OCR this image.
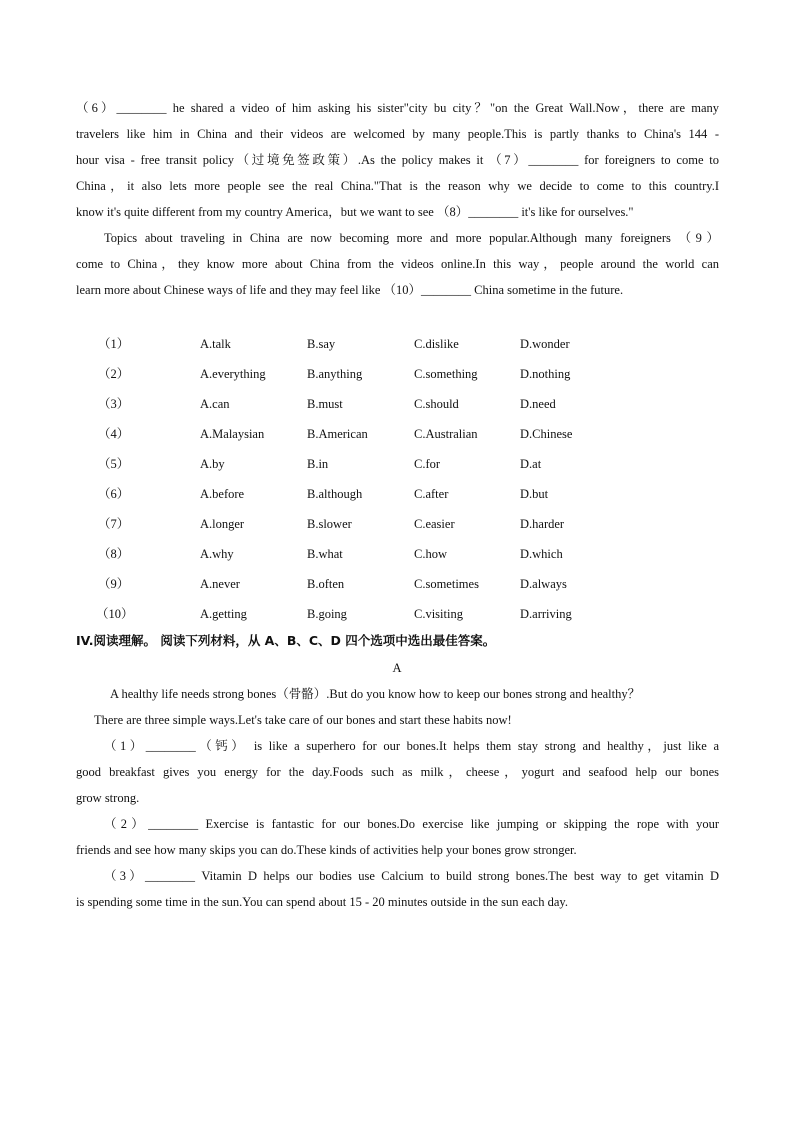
（6）________ he shared a video of him asking his sister"city bu city？"on the Great Wall.Now，there are many
travelers like him in China and their videos are welcomed by many people.This is partly thanks to China's 144 -
hour visa - free transit policy（过境免签政策）.As the policy makes it （7）________ for foreigners to come to
China，it also lets more people see the real China."That is the reason why we decide to come to this country.I
know it's quite different from my country America，but we want to see （8）________ it's like for ourselves."
Topics about traveling in China are now becoming more and more popular.Although many foreigners （9）
come to China，they know more about China from the videos online.In this way，people around the world can
learn more about Chinese ways of life and they may feel like （10）________ China sometime in the future.
（1）	A.talk	B.say	C.dislike	D.wonder
（2）	A.everything	B.anything	C.something	D.nothing
（3）	A.can	B.must	C.should	D.need
（4）	A.Malaysian	B.American	C.Australian	D.Chinese
（5）	A.by	B.in	C.for	D.at
（6）	A.before	B.although	C.after	D.but
（7）	A.longer	B.slower	C.easier	D.harder
（8）	A.why	B.what	C.how	D.which
（9）	A.never	B.often	C.sometimes	D.always
（10）	A.getting	B.going	C.visiting	D.arriving
IV.阅读理解。 阅读下列材料，从 A、B、C、D 四个选项中选出最佳答案。
A
A healthy life needs strong bones（骨骼）.But do you know how to keep our bones strong and healthy？
There are three simple ways.Let's take care of our bones and start these habits now!
（1）________（钙） is like a superhero for our bones.It helps them stay strong and healthy，just like a
good breakfast gives you energy for the day.Foods such as milk，cheese，yogurt and seafood help our bones
grow strong.
（2）________ Exercise is fantastic for our bones.Do exercise like jumping or skipping the rope with your
friends and see how many skips you can do.These kinds of activities help your bones grow stronger.
（3）________ Vitamin D helps our bodies use Calcium to build strong bones.The best way to get vitamin D
is spending some time in the sun.You can spend about 15 - 20 minutes outside in the sun each day.
